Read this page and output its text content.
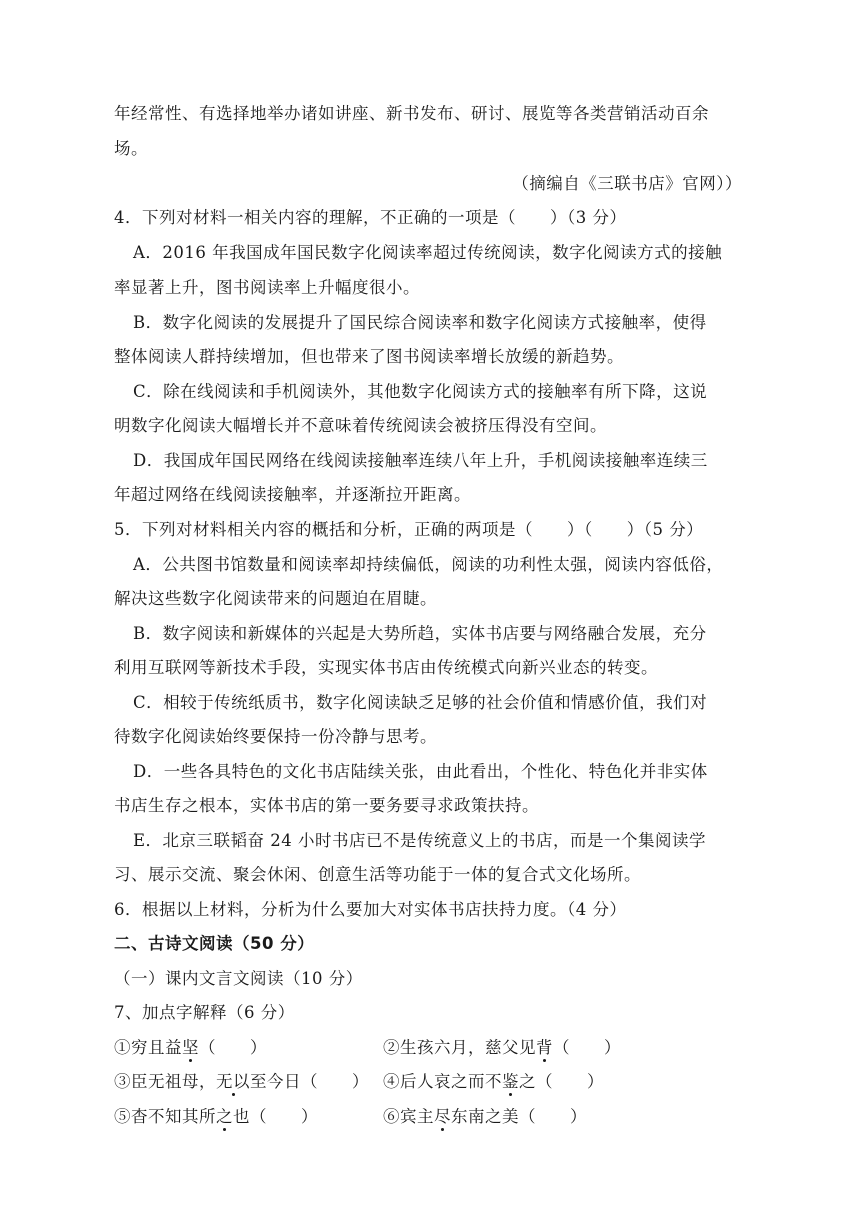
年经常性、有选择地举办诸如讲座、新书发布、研讨、展览等各类营销活动百余
场。
（摘编自《三联书店》官网））
4．下列对材料一相关内容的理解，不正确的一项是（　　）（3 分）
A．2016 年我国成年国民数字化阅读率超过传统阅读，数字化阅读方式的接触
率显著上升，图书阅读率上升幅度很小。
B．数字化阅读的发展提升了国民综合阅读率和数字化阅读方式接触率，使得
整体阅读人群持续增加，但也带来了图书阅读率增长放缓的新趋势。
C．除在线阅读和手机阅读外，其他数字化阅读方式的接触率有所下降，这说
明数字化阅读大幅增长并不意味着传统阅读会被挤压得没有空间。
D．我国成年国民网络在线阅读接触率连续八年上升，手机阅读接触率连续三
年超过网络在线阅读接触率，并逐渐拉开距离。
5．下列对材料相关内容的概括和分析，正确的两项是（　　）（　　）（5 分）
A．公共图书馆数量和阅读率却持续偏低，阅读的功利性太强，阅读内容低俗，
解决这些数字化阅读带来的问题迫在眉睫。
B．数字阅读和新媒体的兴起是大势所趋，实体书店要与网络融合发展，充分
利用互联网等新技术手段，实现实体书店由传统模式向新兴业态的转变。
C．相较于传统纸质书，数字化阅读缺乏足够的社会价值和情感价值，我们对
待数字化阅读始终要保持一份冷静与思考。
D．一些各具特色的文化书店陆续关张，由此看出，个性化、特色化并非实体
书店生存之根本，实体书店的第一要务要寻求政策扶持。
E．北京三联韬奋 24 小时书店已不是传统意义上的书店，而是一个集阅读学
习、展示交流、聚会休闲、创意生活等功能于一体的复合式文化场所。
6．根据以上材料，分析为什么要加大对实体书店扶持力度。（4 分）
二、古诗文阅读（50 分）
（一）课内文言文阅读（10 分）
7、加点字解释（6 分）
①穷且益坚（　　）	②生孩六月，慈父见背（　　）
③臣无祖母，无以至今日（　　） ④后人哀之而不鉴之（　　）
⑤杳不知其所之也（　　）	⑥宾主尽东南之美（　　）
